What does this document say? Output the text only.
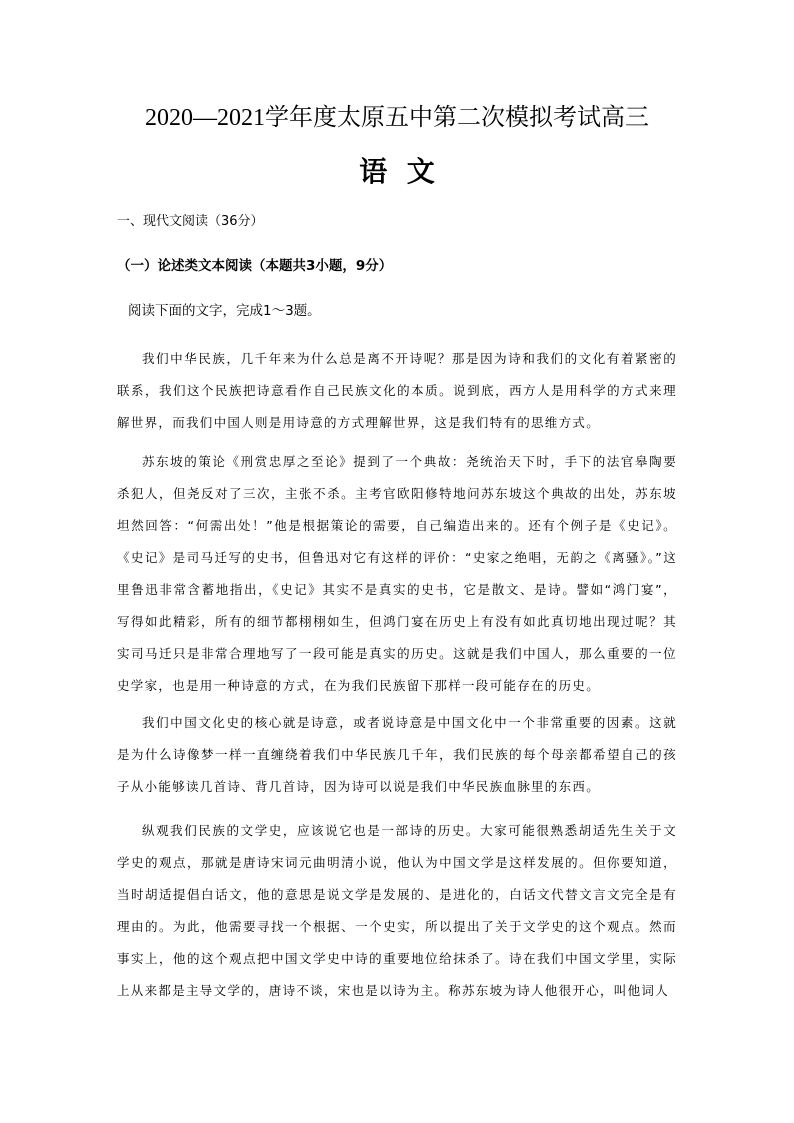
2020—2021学年度太原五中第二次模拟考试高三
语  文
一、现代文阅读（36分）
（一）论述类文本阅读（本题共3小题，9分）
阅读下面的文字，完成1～3题。

我们中华民族，几千年来为什么总是离不开诗呢？那是因为诗和我们的文化有着紧密的联系，我们这个民族把诗意看作自己民族文化的本质。说到底，西方人是用科学的方式来理解世界，而我们中国人则是用诗意的方式理解世界，这是我们特有的思维方式。

苏东坡的策论《刑赏忠厚之至论》提到了一个典故：尧统治天下时，手下的法官皋陶要杀犯人，但尧反对了三次，主张不杀。主考官欧阳修特地问苏东坡这个典故的出处，苏东坡坦然回答：“何需出处！”他是根据策论的需要，自己编造出来的。还有个例子是《史记》。《史记》是司马迁写的史书，但鲁迅对它有这样的评价：“史家之绝唱，无韵之《离骚》。”这里鲁迅非常含蓄地指出，《史记》其实不是真实的史书，它是散文、是诗。譬如“鸿门宴”，写得如此精彩，所有的细节都栩栩如生，但鸿门宴在历史上有没有如此真切地出现过呢？其实司马迁只是非常合理地写了一段可能是真实的历史。这就是我们中国人，那么重要的一位史学家，也是用一种诗意的方式，在为我们民族留下那样一段可能存在的历史。

我们中国文化史的核心就是诗意，或者说诗意是中国文化中一个非常重要的因素。这就是为什么诗像梦一样一直缠绕着我们中华民族几千年，我们民族的每个母亲都希望自己的孩子从小能够读几首诗、背几首诗，因为诗可以说是我们中华民族血脉里的东西。

纵观我们民族的文学史，应该说它也是一部诗的历史。大家可能很熟悉胡适先生关于文学史的观点，那就是唐诗宋词元曲明清小说，他认为中国文学是这样发展的。但你要知道，当时胡适提倡白话文，他的意思是说文学是发展的、是进化的，白话文代替文言文完全是有理由的。为此，他需要寻找一个根据、一个史实，所以提出了关于文学史的这个观点。然而事实上，他的这个观点把中国文学史中诗的重要地位给抹杀了。诗在我们中国文学里，实际上从来都是主导文学的，唐诗不谈，宋也是以诗为主。称苏东坡为诗人他很开心，叫他词人
